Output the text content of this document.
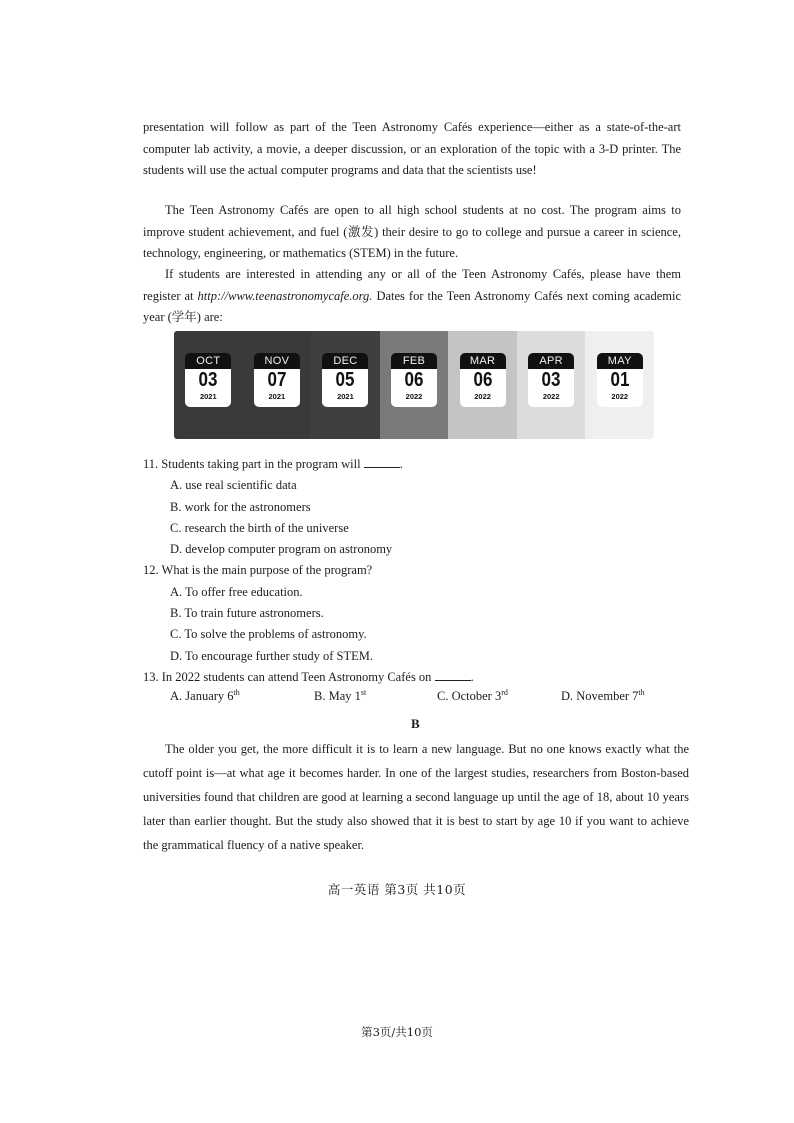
presentation will follow as part of the Teen Astronomy Cafés experience—either as a state-of-the-art computer lab activity, a movie, a deeper discussion, or an exploration of the topic with a 3-D printer. The students will use the actual computer programs and data that the scientists use!

The Teen Astronomy Cafés are open to all high school students at no cost. The program aims to improve student achievement, and fuel (激发) their desire to go to college and pursue a career in science, technology, engineering, or mathematics (STEM) in the future.

If students are interested in attending any or all of the Teen Astronomy Cafés, please have them register at http://www.teenastronomycafe.org. Dates for the Teen Astronomy Cafés next coming academic year (学年) are:

OCT
03
2021
NOV
07
2021
DEC
05
2021
FEB
06
2022
MAR
06
2022
APR
03
2022
MAY
01
2022

11. Students taking part in the program will	.

A. use real scientific data

B. work for the astronomers

C. research the birth of the universe

D. develop computer program on astronomy

12. What is the main purpose of the program?

A. To offer free education.

B. To train future astronomers.

C. To solve the problems of astronomy.

D. To encourage further study of STEM.

13. In 2022 students can attend Teen Astronomy Cafés on	.

A. January 6th	B. May 1st	C. October 3rd	D. November 7th
B

The older you get, the more difficult it is to learn a new language. But no one knows exactly what the cutoff point is—at what age it becomes harder. In one of the largest studies, researchers from Boston-based universities found that children are good at learning a second language up until the age of 18, about 10 years later than earlier thought. But the study also showed that it is best to start by age 10 if you want to achieve the grammatical fluency of a native speaker.

高一英语 第3页 共10页
第3页/共10页
